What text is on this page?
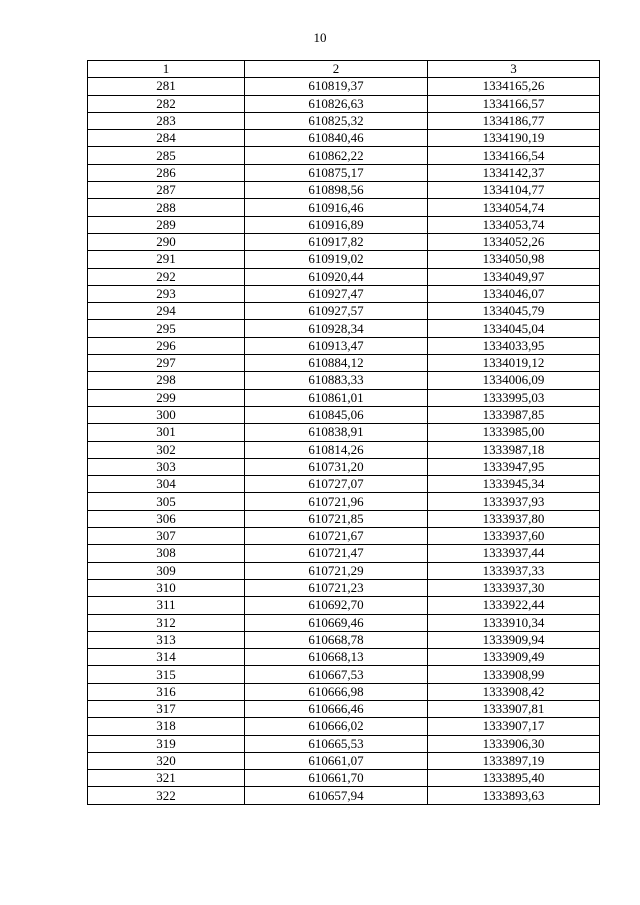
10
1	2	3
281	610819,37	1334165,26
282	610826,63	1334166,57
283	610825,32	1334186,77
284	610840,46	1334190,19
285	610862,22	1334166,54
286	610875,17	1334142,37
287	610898,56	1334104,77
288	610916,46	1334054,74
289	610916,89	1334053,74
290	610917,82	1334052,26
291	610919,02	1334050,98
292	610920,44	1334049,97
293	610927,47	1334046,07
294	610927,57	1334045,79
295	610928,34	1334045,04
296	610913,47	1334033,95
297	610884,12	1334019,12
298	610883,33	1334006,09
299	610861,01	1333995,03
300	610845,06	1333987,85
301	610838,91	1333985,00
302	610814,26	1333987,18
303	610731,20	1333947,95
304	610727,07	1333945,34
305	610721,96	1333937,93
306	610721,85	1333937,80
307	610721,67	1333937,60
308	610721,47	1333937,44
309	610721,29	1333937,33
310	610721,23	1333937,30
311	610692,70	1333922,44
312	610669,46	1333910,34
313	610668,78	1333909,94
314	610668,13	1333909,49
315	610667,53	1333908,99
316	610666,98	1333908,42
317	610666,46	1333907,81
318	610666,02	1333907,17
319	610665,53	1333906,30
320	610661,07	1333897,19
321	610661,70	1333895,40
322	610657,94	1333893,63
